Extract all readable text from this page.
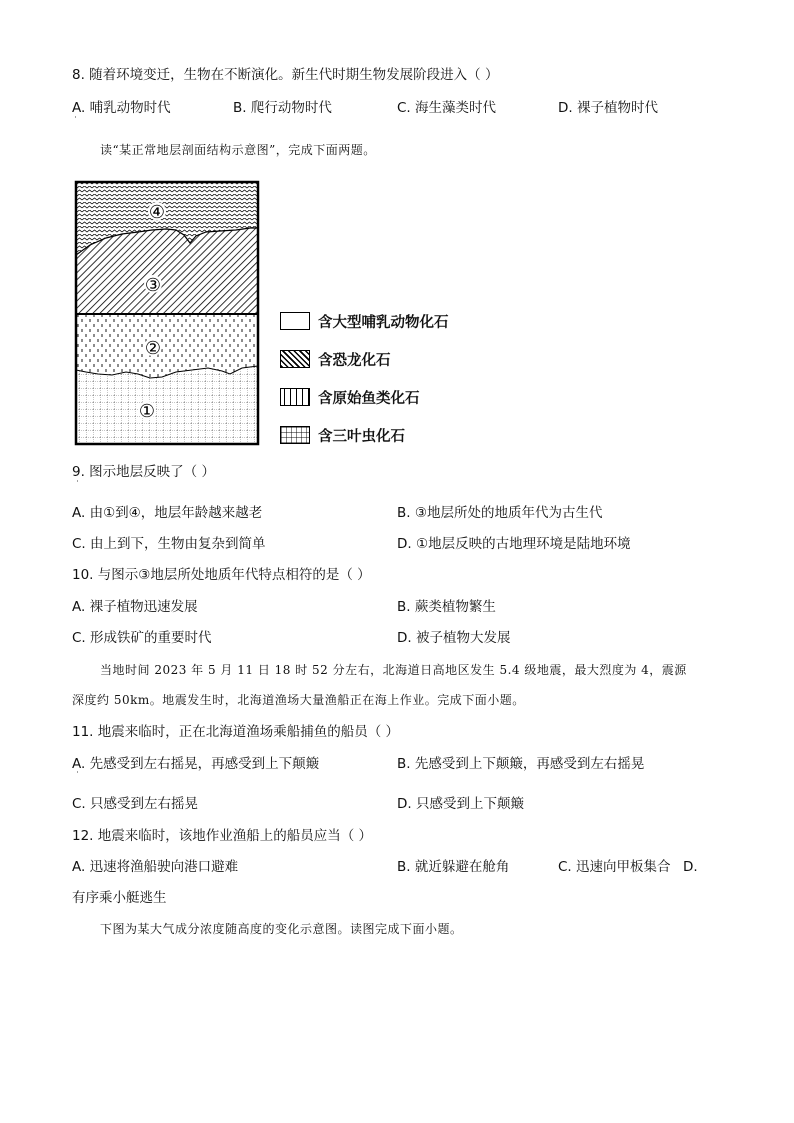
8. 随着环境变迁，生物在不断演化。新生代时期生物发展阶段进入（ ）
A. 哺乳动物时代	B. 爬行动物时代	C. 海生藻类时代	D. 裸子植物时代
˙
读“某正常地层剖面结构示意图”，完成下面两题。
④
③
②
①
含大型哺乳动物化石
含恐龙化石
含原始鱼类化石
含三叶虫化石
9. 图示地层反映了（ ）
˙
A. 由①到④，地层年龄越来越老	B. ③地层所处的地质年代为古生代
C. 由上到下，生物由复杂到简单	D. ①地层反映的古地理环境是陆地环境
10. 与图示③地层所处地质年代特点相符的是（ ）
A. 裸子植物迅速发展	B. 蕨类植物繁生
C. 形成铁矿的重要时代	D. 被子植物大发展
当地时间 2023 年 5 月 11 日 18 时 52 分左右，北海道日高地区发生 5.4 级地震，最大烈度为 4，震源
深度约 50km。地震发生时，北海道渔场大量渔船正在海上作业。完成下面小题。
11. 地震来临时，正在北海道渔场乘船捕鱼的船员（ ）
A. 先感受到左右摇晃，再感受到上下颠簸
˙
B. 先感受到上下颠簸，再感受到左右摇晃
C. 只感受到左右摇晃	D. 只感受到上下颠簸
12. 地震来临时，该地作业渔船上的船员应当（ ）
A. 迅速将渔船驶向港口避难	B. 就近躲避在舱角	C. 迅速向甲板集合 D.
有序乘小艇逃生
下图为某大气成分浓度随高度的变化示意图。读图完成下面小题。
